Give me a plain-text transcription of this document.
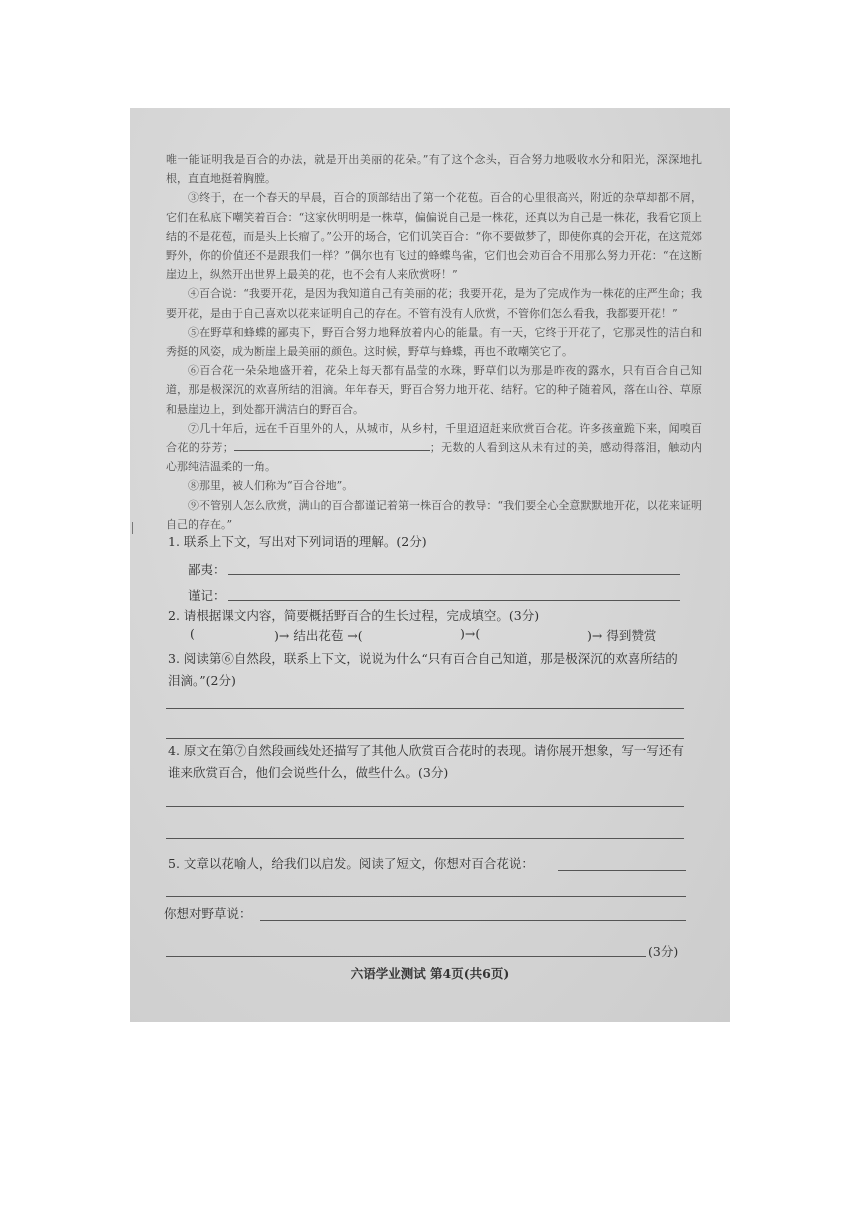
唯一能证明我是百合的办法，就是开出美丽的花朵。”有了这个念头，百合努力地吸收水分和阳光，深深地扎根，直直地挺着胸膛。

③终于，在一个春天的早晨，百合的顶部结出了第一个花苞。百合的心里很高兴，附近的杂草却都不屑，它们在私底下嘲笑着百合：“这家伙明明是一株草，偏偏说自己是一株花，还真以为自己是一株花，我看它顶上结的不是花苞，而是头上长瘤了。”公开的场合，它们讥笑百合：“你不要做梦了，即使你真的会开花，在这荒郊野外，你的价值还不是跟我们一样？”偶尔也有飞过的蜂蝶鸟雀，它们也会劝百合不用那么努力开花：“在这断崖边上，纵然开出世界上最美的花，也不会有人来欣赏呀！”

④百合说：“我要开花，是因为我知道自己有美丽的花；我要开花，是为了完成作为一株花的庄严生命；我要开花，是由于自己喜欢以花来证明自己的存在。不管有没有人欣赏，不管你们怎么看我，我都要开花！”

⑤在野草和蜂蝶的鄙夷下，野百合努力地释放着内心的能量。有一天，它终于开花了，它那灵性的洁白和秀挺的风姿，成为断崖上最美丽的颜色。这时候，野草与蜂蝶，再也不敢嘲笑它了。

⑥百合花一朵朵地盛开着，花朵上每天都有晶莹的水珠，野草们以为那是昨夜的露水，只有百合自己知道，那是极深沉的欢喜所结的泪滴。年年春天，野百合努力地开花、结籽。它的种子随着风，落在山谷、草原和悬崖边上，到处都开满洁白的野百合。

⑦几十年后，远在千百里外的人，从城市，从乡村，千里迢迢赶来欣赏百合花。许多孩童跪下来，闻嗅百合花的芬芳；	；无数的人看到这从未有过的美，感动得落泪，触动内心那纯洁温柔的一角。

⑧那里，被人们称为“百合谷地”。

⑨不管别人怎么欣赏，满山的百合都谨记着第一株百合的教导：“我们要全心全意默默地开花，以花来证明自己的存在。”

1. 联系上下文，写出对下列词语的理解。(2分)
鄙夷：
谨记：
2. 请根据课文内容，简要概括野百合的生长过程，完成填空。(3分)
(	)→ 结出花苞 →(	)→(	)→ 得到赞赏
3. 阅读第⑥自然段，联系上下文，说说为什么“只有百合自己知道，那是极深沉的欢喜所结的泪滴。”(2分)
4. 原文在第⑦自然段画线处还描写了其他人欣赏百合花时的表现。请你展开想象，写一写还有谁来欣赏百合，他们会说些什么，做些什么。(3分)
5. 文章以花喻人，给我们以启发。阅读了短文，你想对百合花说：
你想对野草说：
(3分)
六语学业测试 第4页(共6页)
